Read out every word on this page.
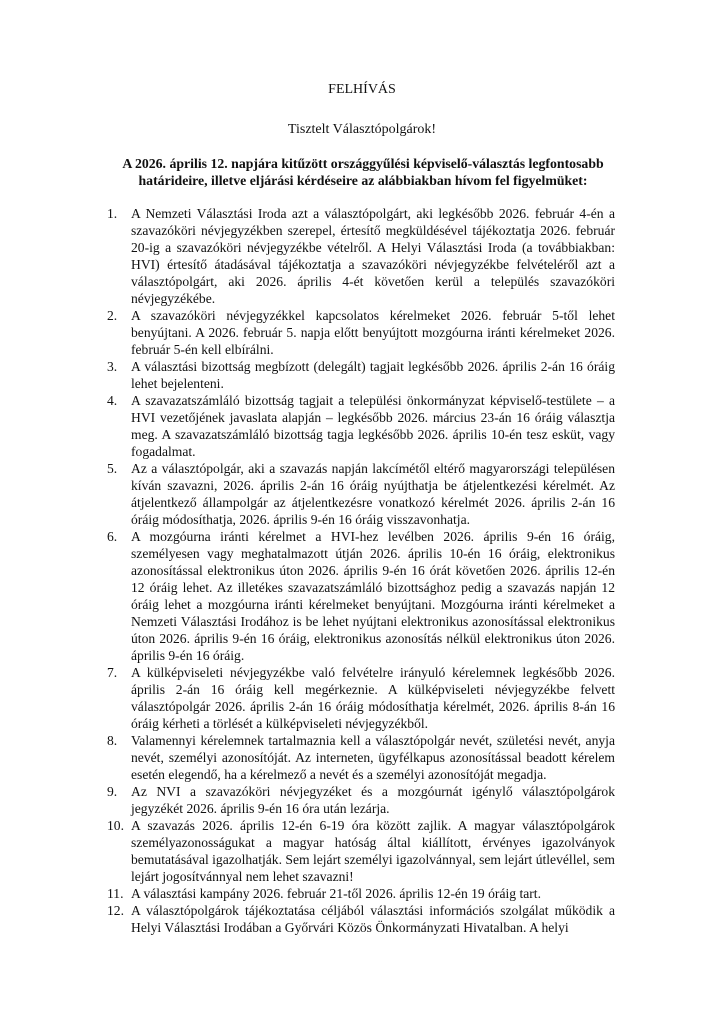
FELHÍVÁS
Tisztelt Választópolgárok!
A 2026. április 12. napjára kitűzött országgyűlési képviselő-választás legfontosabb határideire, illetve eljárási kérdéseire az alábbiakban hívom fel figyelmüket:
1.	A Nemzeti Választási Iroda azt a választópolgárt, aki legkésőbb 2026. február 4-én a szavazóköri névjegyzékben szerepel, értesítő megküldésével tájékoztatja 2026. február 20-ig a szavazóköri névjegyzékbe vételről. A Helyi Választási Iroda (a továbbiakban: HVI) értesítő átadásával tájékoztatja a szavazóköri névjegyzékbe felvételéről azt a választópolgárt, aki 2026. április 4-ét követően kerül a település szavazóköri névjegyzékébe.
2.	A szavazóköri névjegyzékkel kapcsolatos kérelmeket 2026. február 5-től lehet benyújtani. A 2026. február 5. napja előtt benyújtott mozgóurna iránti kérelmeket 2026. február 5-én kell elbírálni.
3.	A választási bizottság megbízott (delegált) tagjait legkésőbb 2026. április 2-án 16 óráig lehet bejelenteni.
4.	A szavazatszámláló bizottság tagjait a települési önkormányzat képviselő-testülete – a HVI vezetőjének javaslata alapján – legkésőbb 2026. március 23-án 16 óráig választja meg. A szavazatszámláló bizottság tagja legkésőbb 2026. április 10-én tesz esküt, vagy fogadalmat.
5.	Az a választópolgár, aki a szavazás napján lakcímétől eltérő magyarországi településen kíván szavazni, 2026. április 2-án 16 óráig nyújthatja be átjelentkezési kérelmét. Az átjelentkező állampolgár az átjelentkezésre vonatkozó kérelmét 2026. április 2-án 16 óráig módosíthatja, 2026. április 9-én 16 óráig visszavonhatja.
6.	A mozgóurna iránti kérelmet a HVI-hez levélben 2026. április 9-én 16 óráig, személyesen vagy meghatalmazott útján 2026. április 10-én 16 óráig, elektronikus azonosítással elektronikus úton 2026. április 9-én 16 órát követően 2026. április 12-én 12 óráig lehet. Az illetékes szavazatszámláló bizottsághoz pedig a szavazás napján 12 óráig lehet a mozgóurna iránti kérelmeket benyújtani. Mozgóurna iránti kérelmeket a Nemzeti Választási Irodához is be lehet nyújtani elektronikus azonosítással elektronikus úton 2026. április 9-én 16 óráig, elektronikus azonosítás nélkül elektronikus úton 2026. április 9-én 16 óráig.
7.	A külképviseleti névjegyzékbe való felvételre irányuló kérelemnek legkésőbb 2026. április 2-án 16 óráig kell megérkeznie. A külképviseleti névjegyzékbe felvett választópolgár 2026. április 2-án 16 óráig módosíthatja kérelmét, 2026. április 8-án 16 óráig kérheti a törlését a külképviseleti névjegyzékből.
8.	Valamennyi kérelemnek tartalmaznia kell a választópolgár nevét, születési nevét, anyja nevét, személyi azonosítóját. Az interneten, ügyfélkapus azonosítással beadott kérelem esetén elegendő, ha a kérelmező a nevét és a személyi azonosítóját megadja.
9.	Az NVI a szavazóköri névjegyzéket és a mozgóurnát igénylő választópolgárok jegyzékét 2026. április 9-én 16 óra után lezárja.
10. A szavazás 2026. április 12-én 6-19 óra között zajlik. A magyar választópolgárok személyazonosságukat a magyar hatóság által kiállított, érvényes igazolványok bemutatásával igazolhatják. Sem lejárt személyi igazolvánnyal, sem lejárt útlevéllel, sem lejárt jogosítvánnyal nem lehet szavazni!
11. A választási kampány 2026. február 21-től 2026. április 12-én 19 óráig tart.
12. A választópolgárok tájékoztatása céljából választási információs szolgálat működik a Helyi Választási Irodában a Győrvári Közös Önkormányzati Hivatalban. A helyi
